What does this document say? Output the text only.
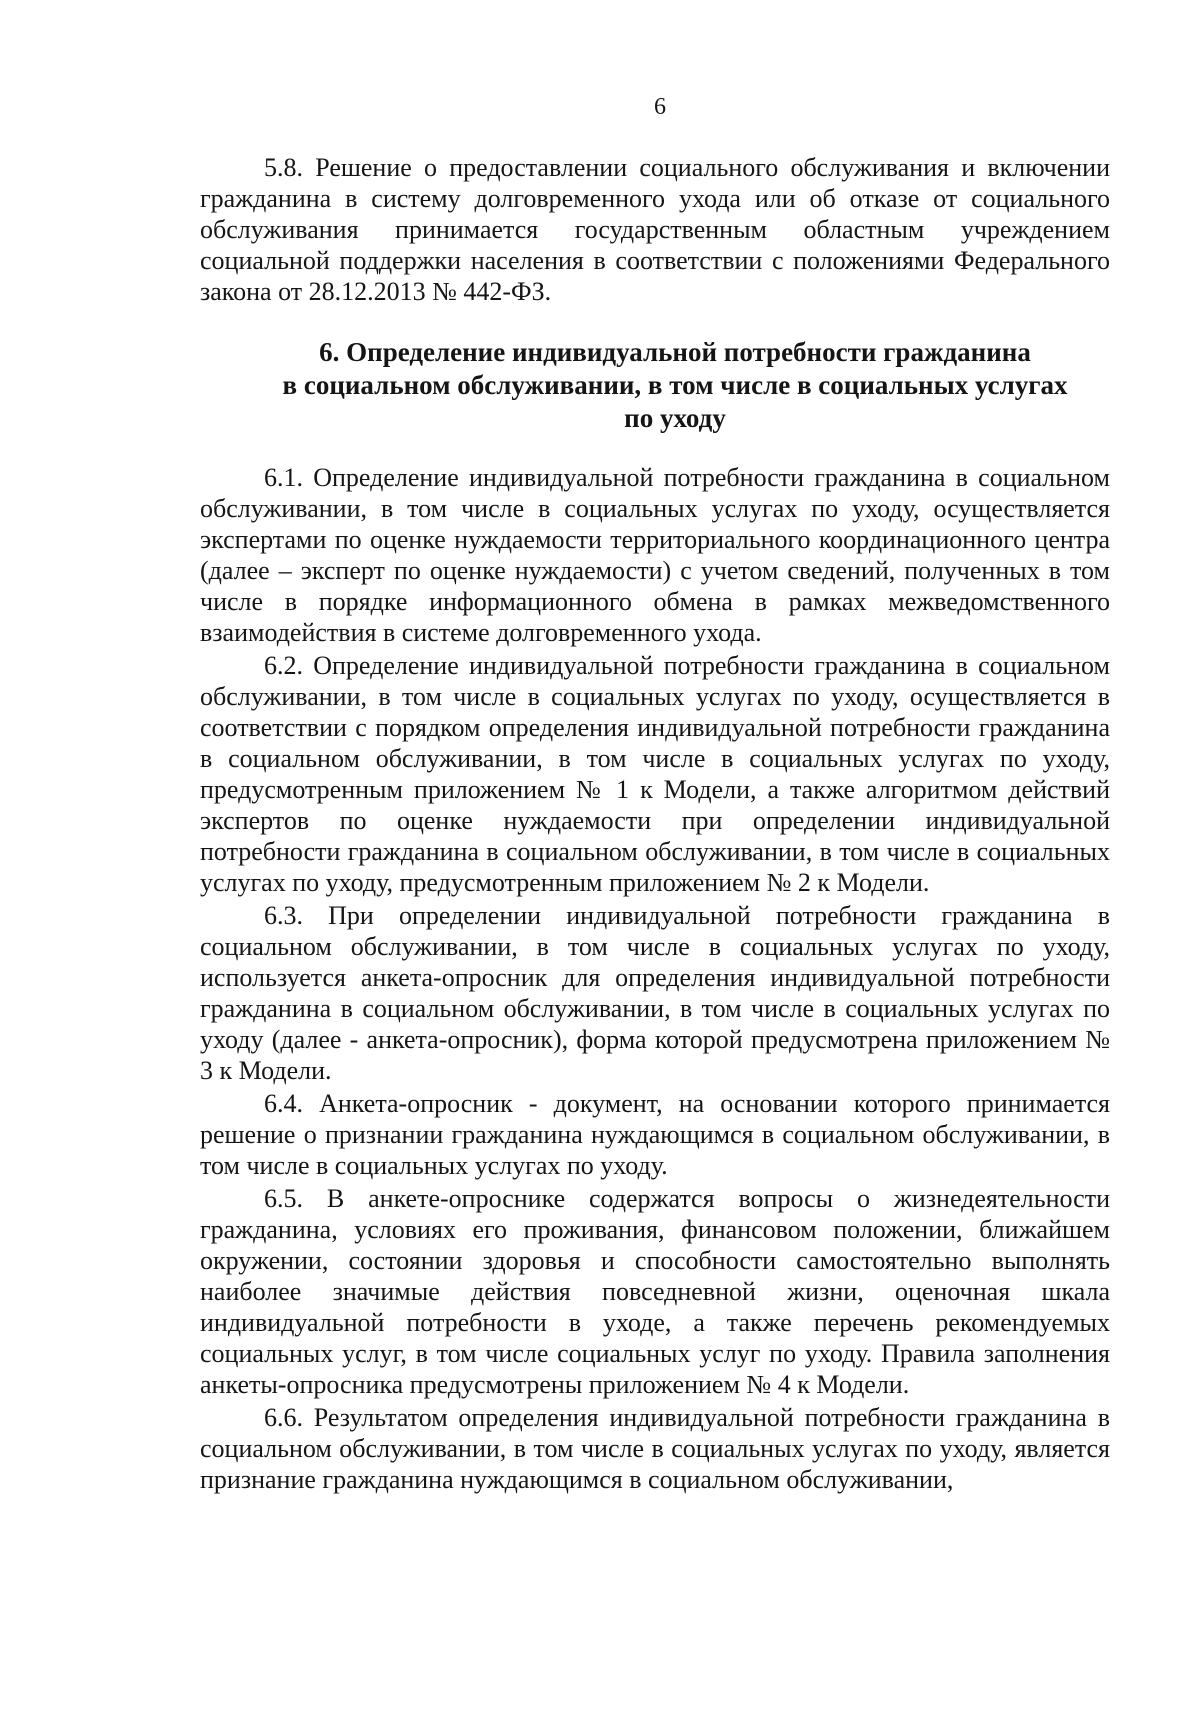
6

5.8. Решение о предоставлении социального обслуживания и включении гражданина в систему долговременного ухода или об отказе от социального обслуживания принимается государственным областным учреждением социальной поддержки населения в соответствии с положениями Федерального закона от 28.12.2013 № 442-ФЗ.

6. Определение индивидуальной потребности гражданина
в социальном обслуживании, в том числе в социальных услугах
по уходу

6.1. Определение индивидуальной потребности гражданина в социальном обслуживании, в том числе в социальных услугах по уходу, осуществляется экспертами по оценке нуждаемости территориального координационного центра (далее – эксперт по оценке нуждаемости) с учетом сведений, полученных в том числе в порядке информационного обмена в рамках межведомственного взаимодействия в системе долговременного ухода.

6.2. Определение индивидуальной потребности гражданина в социальном обслуживании, в том числе в социальных услугах по уходу, осуществляется в соответствии с порядком определения индивидуальной потребности гражданина в социальном обслуживании, в том числе в социальных услугах по уходу, предусмотренным приложением № 1 к Модели, а также алгоритмом действий экспертов по оценке нуждаемости при определении индивидуальной потребности гражданина в социальном обслуживании, в том числе в социальных услугах по уходу, предусмотренным приложением № 2 к Модели.

6.3. При определении индивидуальной потребности гражданина в социальном обслуживании, в том числе в социальных услугах по уходу, используется анкета-опросник для определения индивидуальной потребности гражданина в социальном обслуживании, в том числе в социальных услугах по уходу (далее - анкета-опросник), форма которой предусмотрена приложением № 3 к Модели.

6.4. Анкета-опросник - документ, на основании которого принимается решение о признании гражданина нуждающимся в социальном обслуживании, в том числе в социальных услугах по уходу.

6.5. В анкете-опроснике содержатся вопросы о жизнедеятельности гражданина, условиях его проживания, финансовом положении, ближайшем окружении, состоянии здоровья и способности самостоятельно выполнять наиболее значимые действия повседневной жизни, оценочная шкала индивидуальной потребности в уходе, а также перечень рекомендуемых социальных услуг, в том числе социальных услуг по уходу. Правила заполнения анкеты-опросника предусмотрены приложением № 4 к Модели.

6.6. Результатом определения индивидуальной потребности гражданина в социальном обслуживании, в том числе в социальных услугах по уходу, является признание гражданина нуждающимся в социальном обслуживании,
